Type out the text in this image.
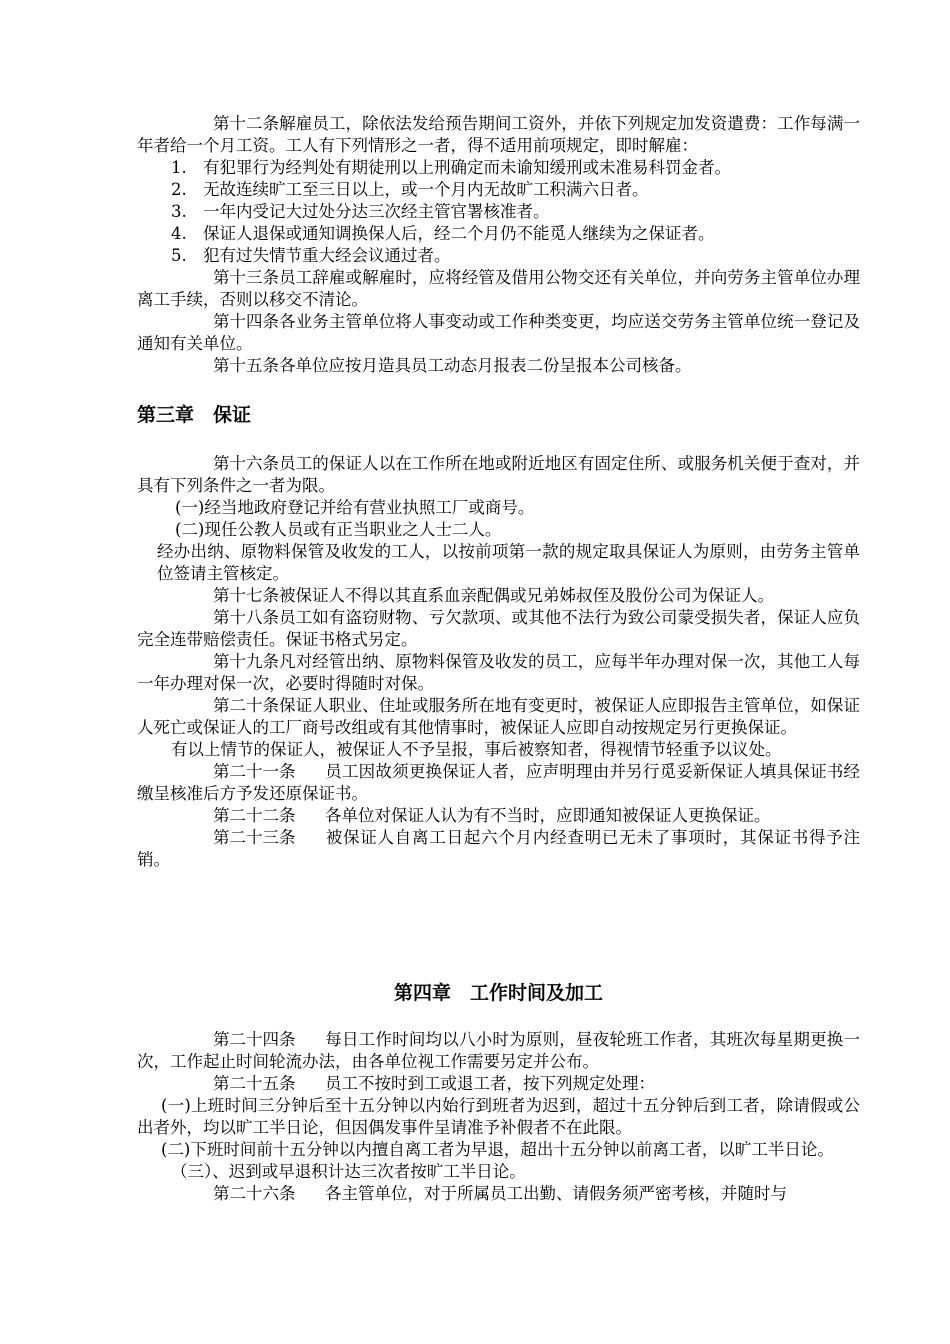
第十二条解雇员工，除依法发给预告期间工资外，并依下列规定加发资遣费：工作每满一年者给一个月工资。工人有下列情形之一者，得不适用前项规定，即时解雇：

1. 有犯罪行为经判处有期徒刑以上刑确定而未谕知缓刑或未准易科罚金者。

2. 无故连续旷工至三日以上，或一个月内无故旷工积满六日者。

3. 一年内受记大过处分达三次经主管官署核准者。

4. 保证人退保或通知调换保人后，经二个月仍不能觅人继续为之保证者。

5. 犯有过失情节重大经会议通过者。

第十三条员工辞雇或解雇时，应将经管及借用公物交还有关单位，并向劳务主管单位办理离工手续，否则以移交不清论。

第十四条各业务主管单位将人事变动或工作种类变更，均应送交劳务主管单位统一登记及通知有关单位。

第十五条各单位应按月造具员工动态月报表二份呈报本公司核备。

第三章　保证

第十六条员工的保证人以在工作所在地或附近地区有固定住所、或服务机关便于查对，并具有下列条件之一者为限。

(一)经当地政府登记并给有营业执照工厂或商号。

(二)现任公教人员或有正当职业之人士二人。

经办出纳、原物料保管及收发的工人，以按前项第一款的规定取具保证人为原则，由劳务主管单位签请主管核定。

第十七条被保证人不得以其直系血亲配偶或兄弟姊叔侄及股份公司为保证人。

第十八条员工如有盗窃财物、亏欠款项、或其他不法行为致公司蒙受损失者，保证人应负完全连带赔偿责任。保证书格式另定。

第十九条凡对经管出纳、原物料保管及收发的员工，应每半年办理对保一次，其他工人每一年办理对保一次，必要时得随时对保。

第二十条保证人职业、住址或服务所在地有变更时，被保证人应即报告主管单位，如保证人死亡或保证人的工厂商号改组或有其他情事时，被保证人应即自动按规定另行更换保证。

有以上情节的保证人，被保证人不予呈报，事后被察知者，得视情节轻重予以议处。

第二十一条 员工因故须更换保证人者，应声明理由并另行觅妥新保证人填具保证书经缴呈核准后方予发还原保证书。

第二十二条 各单位对保证人认为有不当时，应即通知被保证人更换保证。

第二十三条 被保证人自离工日起六个月内经查明已无未了事项时，其保证书得予注销。

第四章　工作时间及加工

第二十四条 每日工作时间均以八小时为原则，昼夜轮班工作者，其班次每星期更换一次，工作起止时间轮流办法，由各单位视工作需要另定并公布。

第二十五条 员工不按时到工或退工者，按下列规定处理：

(一)上班时间三分钟后至十五分钟以内始行到班者为迟到，超过十五分钟后到工者，除请假或公出者外，均以旷工半日论，但因偶发事件呈请准予补假者不在此限。

(二)下班时间前十五分钟以内擅自离工者为早退，超出十五分钟以前离工者，以旷工半日论。

（三）、迟到或早退积计达三次者按旷工半日论。

第二十六条 各主管单位，对于所属员工出勤、请假务须严密考核，并随时与
